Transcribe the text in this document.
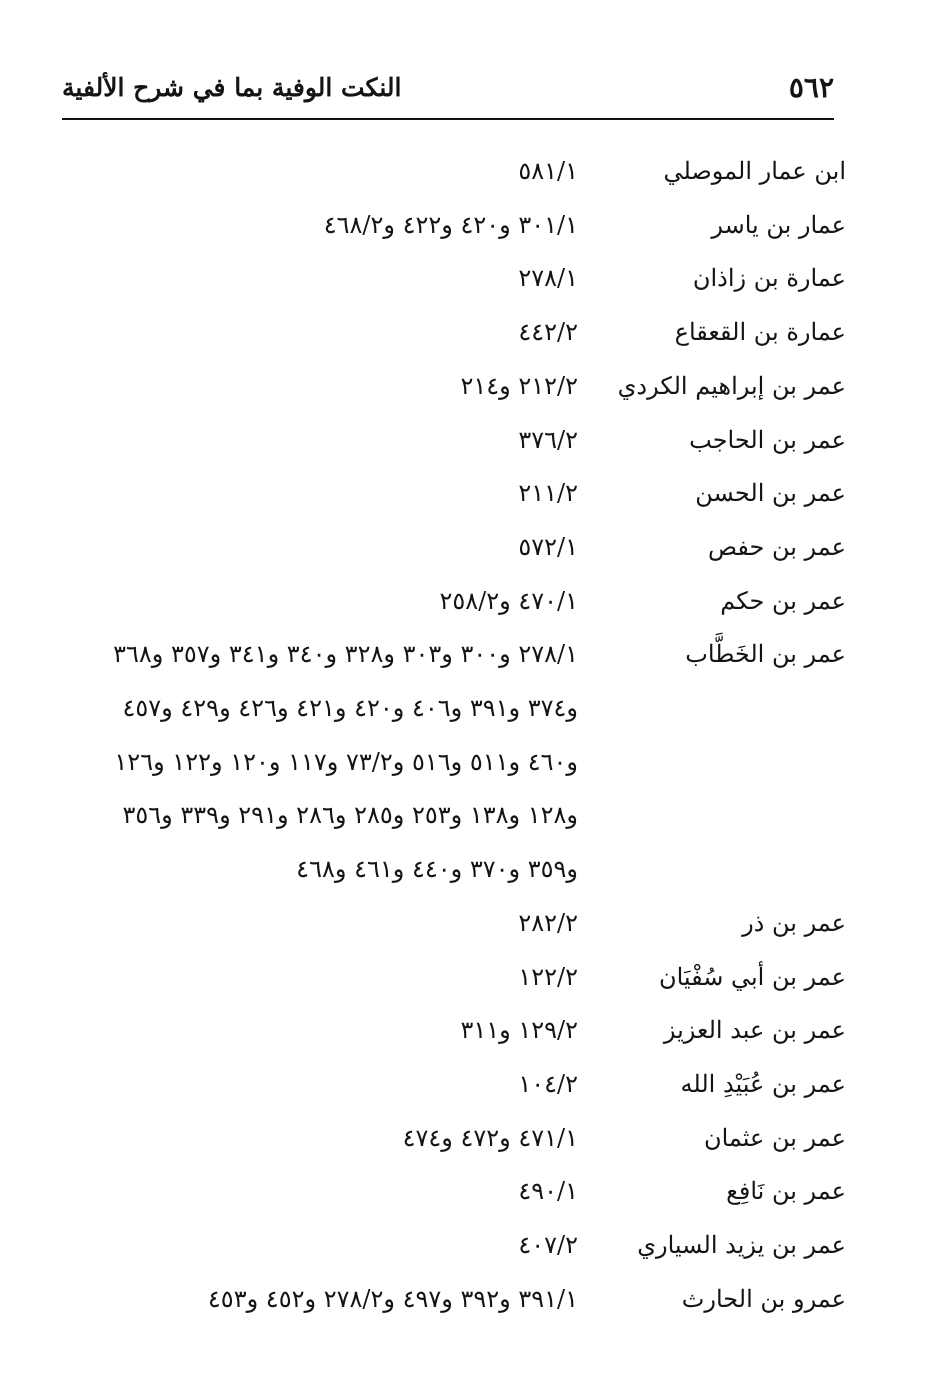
٥٦٢
النكت الوفية بما في شرح الألفية
ابن عمار الموصلي
٥٨١/١
عمار بن ياسر
٣٠١/١ و٤٢٠ و٤٢٢ و٤٦٨/٢
عمارة بن زاذان
٢٧٨/١
عمارة بن القعقاع
٤٤٢/٢
عمر بن إبراهيم الكردي
٢١٢/٢ و٢١٤
عمر بن الحاجب
٣٧٦/٢
عمر بن الحسن
٢١١/٢
عمر بن حفص
٥٧٢/١
عمر بن حكم
٤٧٠/١ و٢٥٨/٢
عمر بن الخَطَّاب
٢٧٨/١ و٣٠٠ و٣٠٣ و٣٢٨ و٣٤٠ و٣٤١ و٣٥٧ و٣٦٨
و٣٧٤ و٣٩١ و٤٠٦ و٤٢٠ و٤٢١ و٤٢٦ و٤٢٩ و٤٥٧
و٤٦٠ و٥١١ و٥١٦ و٧٣/٢ و١١٧ و١٢٠ و١٢٢ و١٢٦
و١٢٨ و١٣٨ و٢٥٣ و٢٨٥ و٢٨٦ و٢٩١ و٣٣٩ و٣٥٦
و٣٥٩ و٣٧٠ و٤٤٠ و٤٦١ و٤٦٨
عمر بن ذر
٢٨٢/٢
عمر بن أبي سُفْيَان
١٢٢/٢
عمر بن عبد العزيز
١٢٩/٢ و٣١١
عمر بن عُبَيْدِ الله
١٠٤/٢
عمر بن عثمان
٤٧١/١ و٤٧٢ و٤٧٤
عمر بن نَافِع
٤٩٠/١
عمر بن يزيد السياري
٤٠٧/٢
عمرو بن الحارث
٣٩١/١ و٣٩٢ و٤٩٧ و٢٧٨/٢ و٤٥٢ و٤٥٣
